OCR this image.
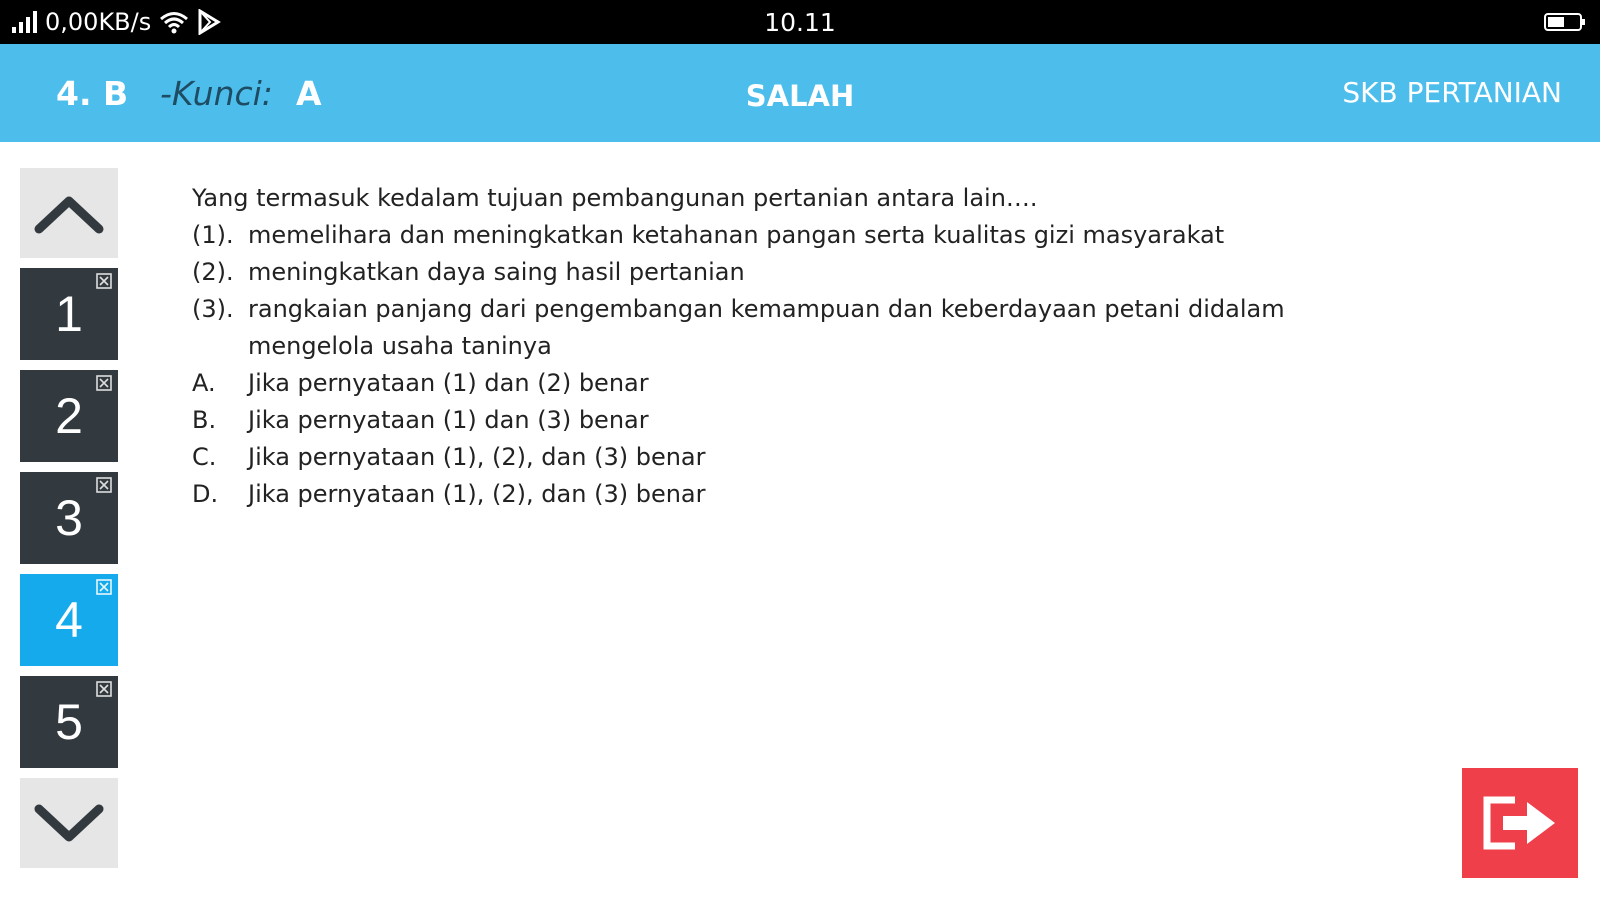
0,00KB/s	10.11
4. B -Kunci: A	SALAH	SKB PERTANIAN
1
2
3
4
5

Yang termasuk kedalam tujuan pembangunan pertanian antara lain….

(1). memelihara dan meningkatkan ketahanan pangan serta kualitas gizi masyarakat
(2). meningkatkan daya saing hasil pertanian
(3). rangkaian panjang dari pengembangan kemampuan dan keberdayaan petani didalam mengelola usaha taninya
A.	Jika pernyataan (1) dan (2) benar
B.	Jika pernyataan (1) dan (3) benar
C.	Jika pernyataan (1), (2), dan (3) benar
D.	Jika pernyataan (1), (2), dan (3) benar
